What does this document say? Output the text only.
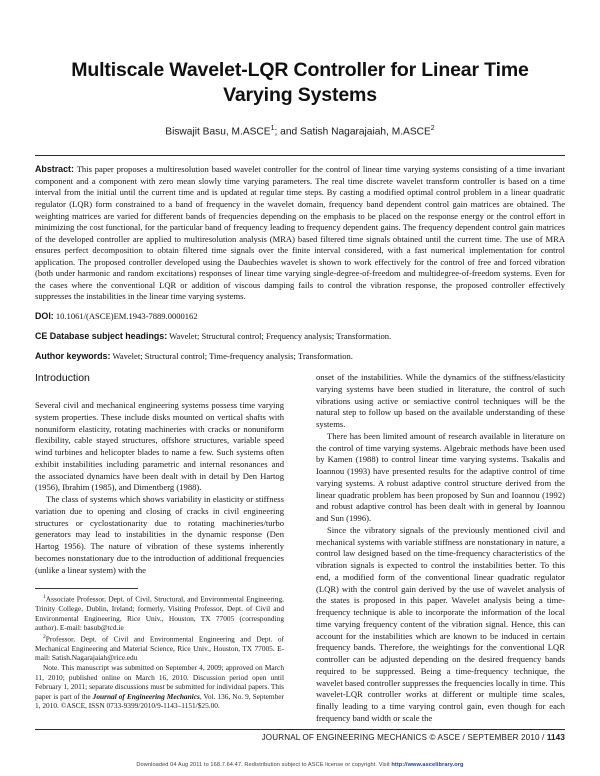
Multiscale Wavelet-LQR Controller for Linear Time Varying Systems

Biswajit Basu, M.ASCE$^1$; and Satish Nagarajaiah, M.ASCE$^2$

Abstract: This paper proposes a multiresolution based wavelet controller for the control of linear time varying systems consisting of a time invariant component and a component with zero mean slowly time varying parameters. The real time discrete wavelet transform controller is based on a time interval from the initial until the current time and is updated at regular time steps. By casting a modified optimal control problem in a linear quadratic regulator (LQR) form constrained to a band of frequency in the wavelet domain, frequency band dependent control gain matrices are obtained. The weighting matrices are varied for different bands of frequencies depending on the emphasis to be placed on the response energy or the control effort in minimizing the cost functional, for the particular band of frequency leading to frequency dependent gains. The frequency dependent control gain matrices of the developed controller are applied to multiresolution analysis (MRA) based filtered time signals obtained until the current time. The use of MRA ensures perfect decomposition to obtain filtered time signals over the finite interval considered, with a fast numerical implementation for control application. The proposed controller developed using the Daubechies wavelet is shown to work effectively for the control of free and forced vibration (both under harmonic and random excitations) responses of linear time varying single-degree-of-freedom and multidegree-of-freedom systems. Even for the cases where the conventional LQR or addition of viscous damping fails to control the vibration response, the proposed controller effectively suppresses the instabilities in the linear time varying systems.

DOI: 10.1061/(ASCE)EM.1943-7889.0000162

CE Database subject headings: Wavelet; Structural control; Frequency analysis; Transformation.

Author keywords: Wavelet; Structural control; Time-frequency analysis; Transformation.

Introduction

Several civil and mechanical engineering systems possess time varying system properties. These include disks mounted on vertical shafts with nonuniform elasticity, rotating machineries with cracks or nonuniform flexibility, cable stayed structures, offshore structures, variable speed wind turbines and helicopter blades to name a few. Such systems often exhibit instabilities including parametric and internal resonances and the associated dynamics have been dealt with in detail by Den Hartog (1956), Ibrahim (1985), and Dimentberg (1988).

The class of systems which shows variability in elasticity or stiffness variation due to opening and closing of cracks in civil engineering structures or cyclostationarity due to rotating machineries/turbo generators may lead to instabilities in the dynamic response (Den Hartog 1956). The nature of vibration of these systems inherently becomes nonstationary due to the introduction of additional frequencies (unlike a linear system) with the

$^1$Associate Professor, Dept. of Civil, Structural, and Environmental Engineering, Trinity College, Dublin, Ireland; formerly, Visiting Professor, Dept. of Civil and Environmental Engineering, Rice Univ., Houston, TX 77005 (corresponding author). E-mail: basub@tcd.ie

$^2$Professor, Dept. of Civil and Environmental Engineering and Dept. of Mechanical Engineering and Material Science, Rice Univ., Houston, TX 77005. E-mail: Satish.Nagarajaiah@rice.edu

Note. This manuscript was submitted on September 4, 2009; approved on March 11, 2010; published online on March 16, 2010. Discussion period open until February 1, 2011; separate discussions must be submitted for individual papers. This paper is part of the Journal of Engineering Mechanics, Vol. 136, No. 9, September 1, 2010. ©ASCE, ISSN 0733-9399/2010/9-1143–1151/$25.00.

onset of the instabilities. While the dynamics of the stiffness/elasticity varying systems have been studied in literature, the control of such vibrations using active or semiactive control techniques will be the natural step to follow up based on the available understanding of these systems.

There has been limited amount of research available in literature on the control of time varying systems. Algebraic methods have been used by Kamen (1988) to control linear time varying systems. Tsakalis and Ioannou (1993) have presented results for the adaptive control of time varying systems. A robust adaptive control structure derived from the linear quadratic problem has been proposed by Sun and Ioannou (1992) and robust adaptive control has been dealt with in general by Ioannou and Sun (1996).

Since the vibratory signals of the previously mentioned civil and mechanical systems with variable stiffness are nonstationary in nature, a control law designed based on the time-frequency characteristics of the vibration signals is expected to control the instabilities better. To this end, a modified form of the conventional linear quadratic regulator (LQR) with the control gain derived by the use of wavelet analysis of the states is proposed in this paper. Wavelet analysis being a time-frequency technique is able to incorporate the information of the local time varying frequency content of the vibration signal. Hence, this can account for the instabilities which are known to be induced in certain frequency bands. Therefore, the weightings for the conventional LQR controller can be adjusted depending on the desired frequency bands required to be suppressed. Being a time-frequency technique, the wavelet based controller suppresses the frequencies locally in time. This wavelet-LQR controller works at different or multiple time scales, finally leading to a time varying control gain, even though for each frequency band width or scale the

JOURNAL OF ENGINEERING MECHANICS © ASCE / SEPTEMBER 2010 / 1143
Downloaded 04 Aug 2011 to 168.7.64.47. Redistribution subject to ASCE license or copyright. Visit http://www.ascelibrary.org
